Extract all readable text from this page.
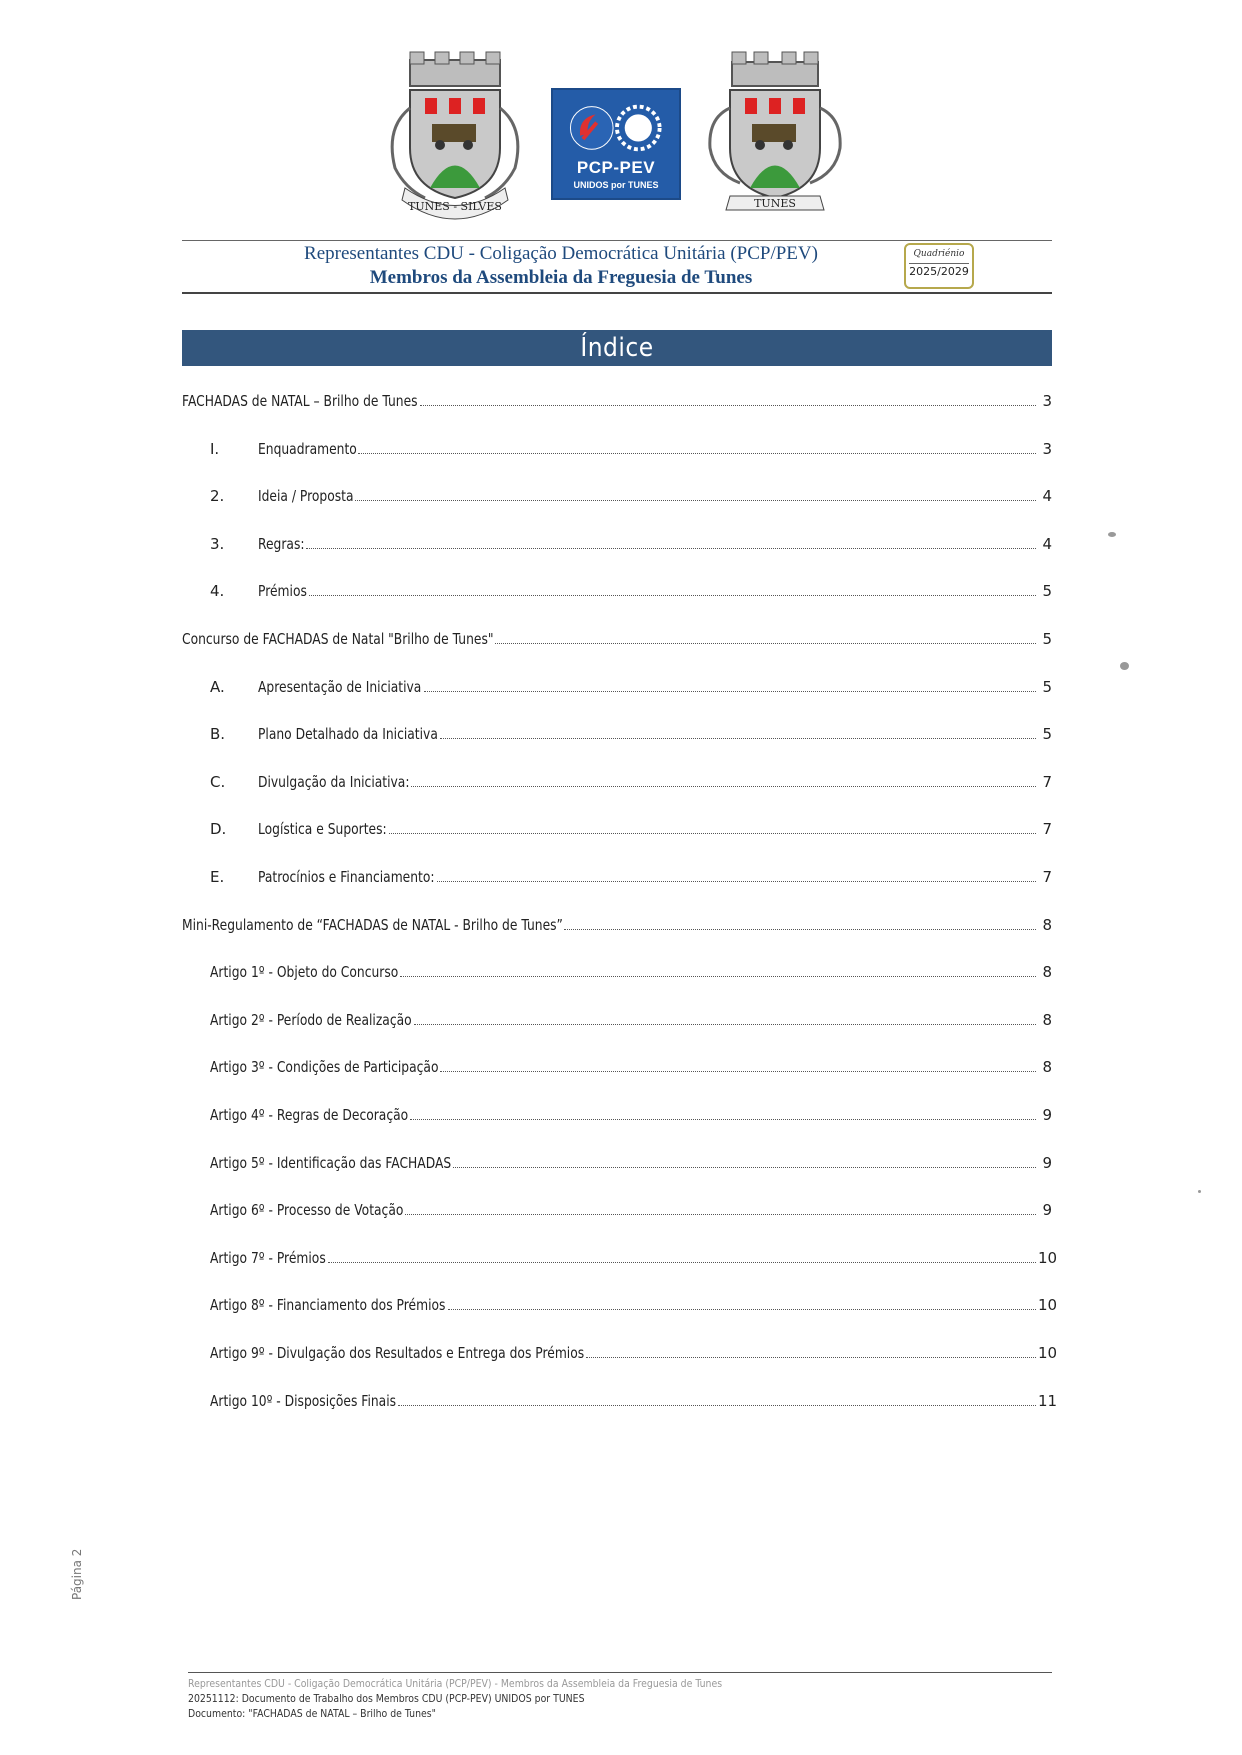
TUNES - SILVES
PCP-PEV
UNIDOS por TUNES
TUNES
Representantes CDU - Coligação Democrática Unitária (PCP/PEV)
Membros da Assembleia da Freguesia de Tunes
Quadriénio
2025/2029
Índice
FACHADAS de NATAL – Brilho de Tunes	3
I.	Enquadramento	3
2.	Ideia / Proposta	4
3.	Regras:	4
4.	Prémios	5
Concurso de FACHADAS de Natal "Brilho de Tunes"	5
A.	Apresentação de Iniciativa	5
B.	Plano Detalhado da Iniciativa	5
C.	Divulgação da Iniciativa:	7
D.	Logística e Suportes:	7
E.	Patrocínios e Financiamento:	7
Mini-Regulamento de “FACHADAS de NATAL - Brilho de Tunes”	8
Artigo 1º - Objeto do Concurso	8
Artigo 2º - Período de Realização	8
Artigo 3º - Condições de Participação	8
Artigo 4º - Regras de Decoração	9
Artigo 5º - Identificação das FACHADAS	9
Artigo 6º - Processo de Votação	9
Artigo 7º - Prémios	10
Artigo 8º - Financiamento dos Prémios	10
Artigo 9º - Divulgação dos Resultados e Entrega dos Prémios	10
Artigo 10º - Disposições Finais	11
Página 2
Representantes CDU - Coligação Democrática Unitária (PCP/PEV) - Membros da Assembleia da Freguesia de Tunes
20251112: Documento de Trabalho dos Membros CDU (PCP-PEV) UNIDOS por TUNES
Documento: "FACHADAS de NATAL – Brilho de Tunes"
